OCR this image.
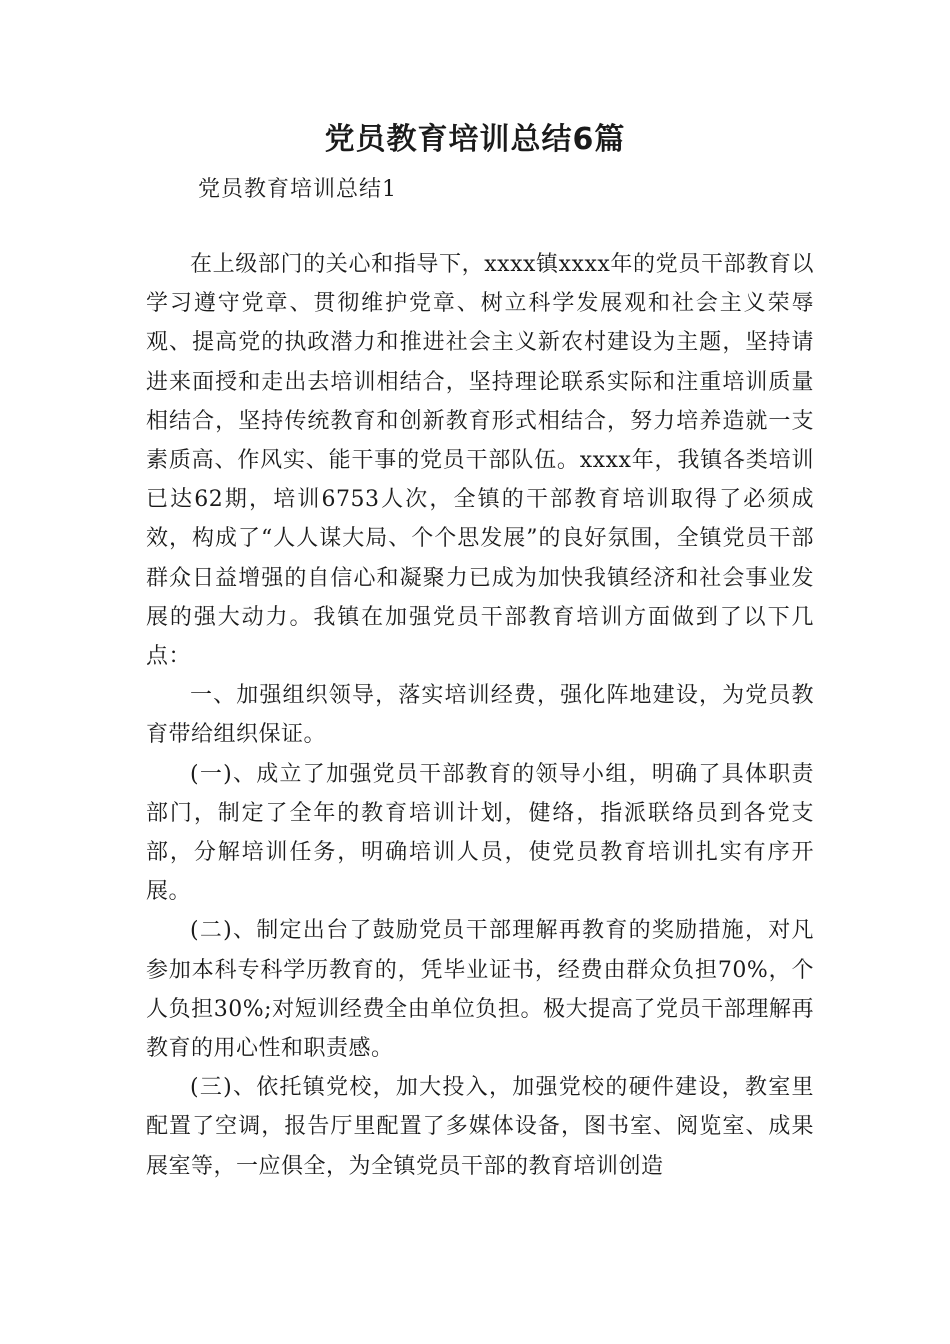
党员教育培训总结6篇

党员教育培训总结1

在上级部门的关心和指导下，xxxx镇xxxx年的党员干部教育以学习遵守党章、贯彻维护党章、树立科学发展观和社会主义荣辱观、提高党的执政潜力和推进社会主义新农村建设为主题，坚持请进来面授和走出去培训相结合，坚持理论联系实际和注重培训质量相结合，坚持传统教育和创新教育形式相结合，努力培养造就一支素质高、作风实、能干事的党员干部队伍。xxxx年，我镇各类培训已达62期，培训6753人次，全镇的干部教育培训取得了必须成效，构成了“人人谋大局、个个思发展”的良好氛围，全镇党员干部群众日益增强的自信心和凝聚力已成为加快我镇经济和社会事业发展的强大动力。我镇在加强党员干部教育培训方面做到了以下几点：

一、加强组织领导，落实培训经费，强化阵地建设，为党员教育带给组织保证。

(一)、成立了加强党员干部教育的领导小组，明确了具体职责部门，制定了全年的教育培训计划，健络，指派联络员到各党支部，分解培训任务，明确培训人员，使党员教育培训扎实有序开展。

(二)、制定出台了鼓励党员干部理解再教育的奖励措施，对凡参加本科专科学历教育的，凭毕业证书，经费由群众负担70%，个人负担30%;对短训经费全由单位负担。极大提高了党员干部理解再教育的用心性和职责感。

(三)、依托镇党校，加大投入，加强党校的硬件建设，教室里配置了空调，报告厅里配置了多媒体设备，图书室、阅览室、成果展室等，一应俱全，为全镇党员干部的教育培训创造
